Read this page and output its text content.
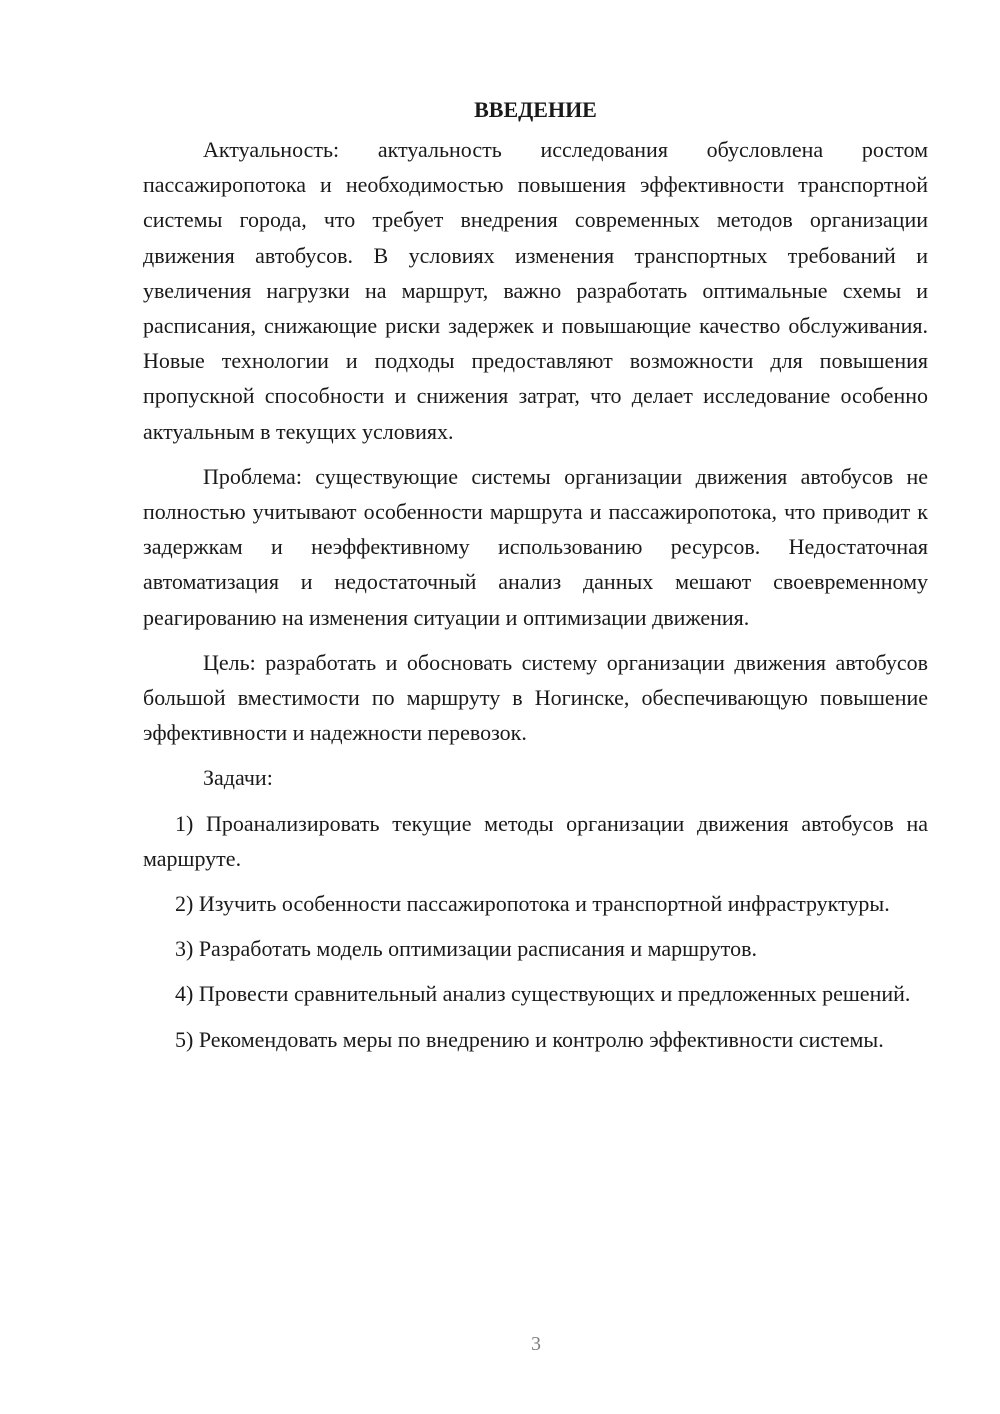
ВВЕДЕНИЕ

Актуальность: актуальность исследования обусловлена ростом пассажиропотока и необходимостью повышения эффективности транспортной системы города, что требует внедрения современных методов организации движения автобусов. В условиях изменения транспортных требований и увеличения нагрузки на маршрут, важно разработать оптимальные схемы и расписания, снижающие риски задержек и повышающие качество обслуживания. Новые технологии и подходы предоставляют возможности для повышения пропускной способности и снижения затрат, что делает исследование особенно актуальным в текущих условиях.

Проблема: существующие системы организации движения автобусов не полностью учитывают особенности маршрута и пассажиропотока, что приводит к задержкам и неэффективному использованию ресурсов. Недостаточная автоматизация и недостаточный анализ данных мешают своевременному реагированию на изменения ситуации и оптимизации движения.

Цель: разработать и обосновать систему организации движения автобусов большой вместимости по маршруту в Ногинске, обеспечивающую повышение эффективности и надежности перевозок.

Задачи:

1) Проанализировать текущие методы организации движения автобусов на маршруте.

2) Изучить особенности пассажиропотока и транспортной инфраструктуры.

3) Разработать модель оптимизации расписания и маршрутов.

4) Провести сравнительный анализ существующих и предложенных решений.

5) Рекомендовать меры по внедрению и контролю эффективности системы.

3
